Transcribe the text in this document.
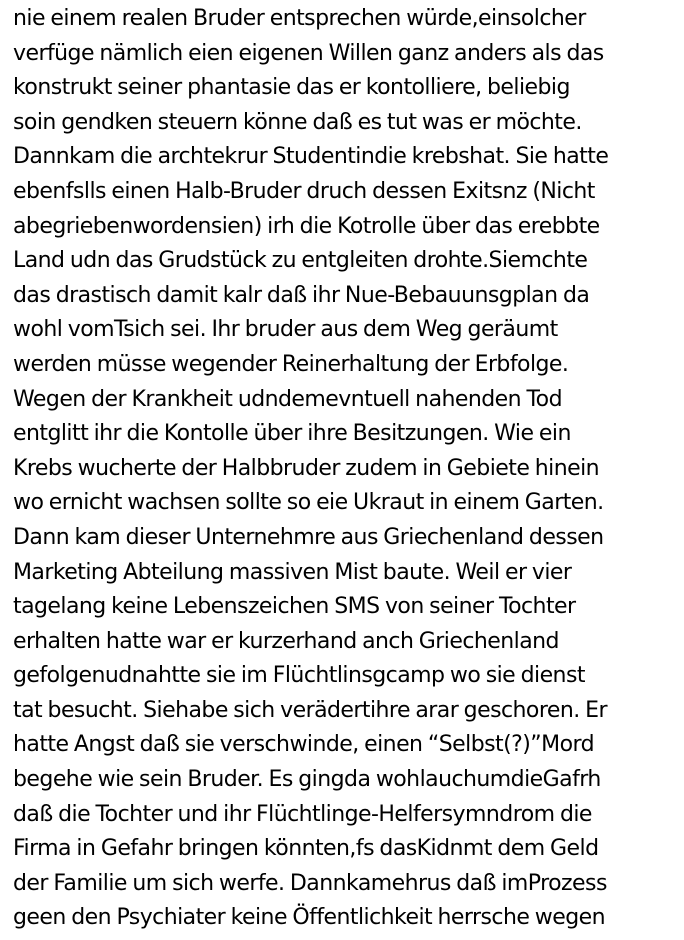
nie einem realen Bruder entsprechen würde,einsolcher
verfüge nämlich eien eigenen Willen ganz anders als das
konstrukt seiner phantasie das er kontolliere, beliebig
soin gendken steuern könne daß es tut was er möchte.
Dannkam die archtekrur Studentindie krebshat. Sie hatte
ebenfslls einen Halb-Bruder druch dessen Exitsnz (Nicht
abegriebenwordensien) irh die Kotrolle über das erebbte
Land udn das Grudstück zu entgleiten drohte.Siemchte
das drastisch damit kalr daß ihr Nue-Bebauunsgplan da
wohl vomTsich sei. Ihr bruder aus dem Weg geräumt
werden müsse wegender Reinerhaltung der Erbfolge.
Wegen der Krankheit udndemevntuell nahenden Tod
entglitt ihr die Kontolle über ihre Besitzungen. Wie ein
Krebs wucherte der Halbbruder zudem in Gebiete hinein
wo ernicht wachsen sollte so eie Ukraut in einem Garten.
Dann kam dieser Unternehmre aus Griechenland dessen
Marketing Abteilung massiven Mist baute. Weil er vier
tagelang keine Lebenszeichen SMS von seiner Tochter
erhalten hatte war er kurzerhand anch Griechenland
gefolgenudnahtte sie im Flüchtlinsgcamp wo sie dienst
tat besucht. Siehabe sich verädertihre arar geschoren. Er
hatte Angst daß sie verschwinde, einen “Selbst(?)”Mord
begehe wie sein Bruder. Es gingda wohlauchumdieGafrh
daß die Tochter und ihr Flüchtlinge-Helfersymndrom die
Firma in Gefahr bringen könnten,fs dasKidnmt dem Geld
der Familie um sich werfe. Dannkamehrus daß imProzess
geen den Psychiater keine Öffentlichkeit herrsche wegen
